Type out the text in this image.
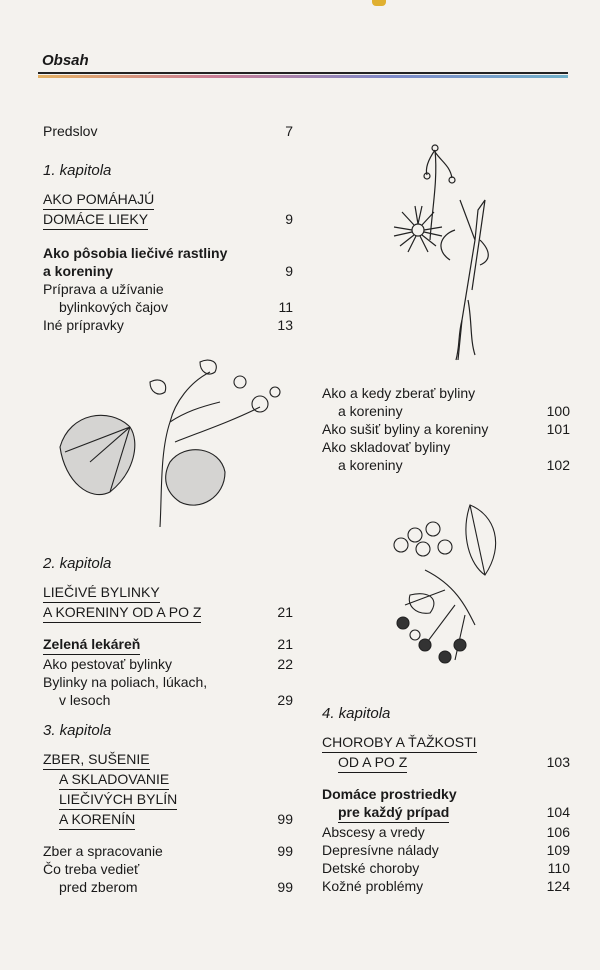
Obsah
Predslov	7
1. kapitola
AKO POMÁHAJÚ
DOMÁCE LIEKY	9
Ako pôsobia liečivé rastliny
a koreniny	9
Príprava a užívanie
bylinkových čajov	11
Iné prípravky	13
Ako a kedy zberať byliny
a koreniny	100
Ako sušiť byliny a koreniny	101
Ako skladovať byliny
a koreniny	102
2. kapitola
LIEČIVÉ BYLINKY
A KORENINY OD A PO Z	21
Zelená lekáreň	21
Ako pestovať bylinky	22
Bylinky na poliach, lúkach,
v lesoch	29
3. kapitola
ZBER, SUŠENIE
A SKLADOVANIE
LIEČIVÝCH BYLÍN
A KORENÍN	99
Zber a spracovanie	99
Čo treba vedieť
pred zberom	99
4. kapitola
CHOROBY A ŤAŽKOSTI
OD A PO Z	103
Domáce prostriedky
pre každý prípad	104
Abscesy a vredy	106
Depresívne nálady	109
Detské choroby	110
Kožné problémy	124
